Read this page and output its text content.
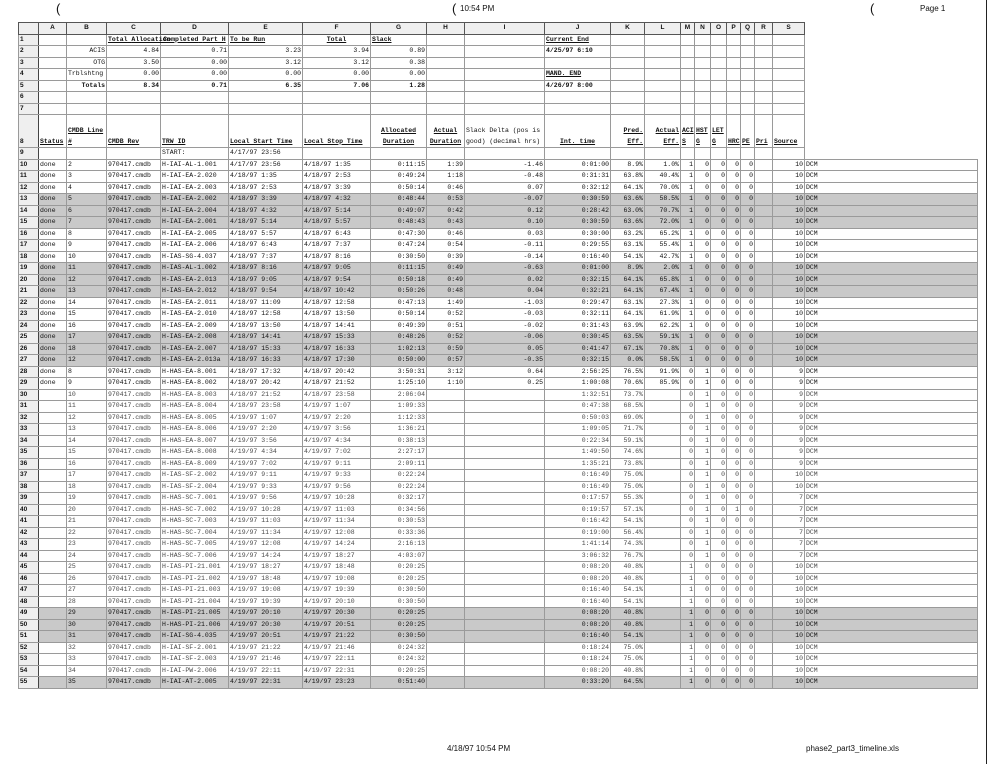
(	( 10:54 PM	(	Page 1
	A	B	C	D	E	F	G	H	I	J	K	L	M	N	O	P	Q	R	S	
1			Total Allocation	Completed Part H	To be Run	Total	Slack			Current End										
2		ACIS	4.84	0.71	3.23	3.94	0.89			4/25/97 6:10										
3		OTG	3.50	0.00	3.12	3.12	0.38													
4		Trblshtng	0.00	0.00	0.00	0.00	0.00			MAND. END										
5		Totals	8.34	0.71	6.35	7.06	1.28			4/26/97 8:00										
6																				
7																				
8	Status	CMDB Line #	CMDB Rev	TRW ID	Local Start Time	Local Stop Time	Allocated Duration	Actual Duration	Slack Delta (pos is good) (decimal hrs)	Int. time	Pred. Eff.	Actual Eff.	ACI S	HST G	LET G	HRC	PE	Pri	Source	
9				START:	4/17/97 23:56															
10	done	2	970417.cmdb	H-IAI-AL-1.001	4/17/97 23:56	4/18/97 1:35	0:11:15	1:39	-1.46	0:01:00	8.9%	1.0%	1	0	0	0	0		10	DCM
11	done	3	970417.cmdb	H-IAI-EA-2.020	4/18/97 1:35	4/18/97 2:53	0:49:24	1:18	-0.48	0:31:31	63.8%	40.4%	1	0	0	0	0		10	DCM
12	done	4	970417.cmdb	H-IAI-EA-2.003	4/18/97 2:53	4/18/97 3:39	0:50:14	0:46	0.07	0:32:12	64.1%	70.0%	1	0	0	0	0		10	DCM
13	done	5	970417.cmdb	H-IAI-EA-2.002	4/18/97 3:39	4/18/97 4:32	0:48:44	0:53	-0.07	0:30:59	63.6%	58.5%	1	0	0	0	0		10	DCM
14	done	6	970417.cmdb	H-IAI-EA-2.004	4/18/97 4:32	4/18/97 5:14	0:49:07	0:42	0.12	0:28:42	63.0%	70.7%	1	0	0	0	0		10	DCM
15	done	7	970417.cmdb	H-IAI-EA-2.001	4/18/97 5:14	4/18/97 5:57	0:48:43	0:43	0.10	0:30:59	63.6%	72.0%	1	0	0	0	0		10	DCM
16	done	8	970417.cmdb	H-IAI-EA-2.005	4/18/97 5:57	4/18/97 6:43	0:47:30	0:46	0.03	0:30:00	63.2%	65.2%	1	0	0	0	0		10	DCM
17	done	9	970417.cmdb	H-IAI-EA-2.006	4/18/97 6:43	4/18/97 7:37	0:47:24	0:54	-0.11	0:29:55	63.1%	55.4%	1	0	0	0	0		10	DCM
18	done	10	970417.cmdb	H-IAS-SG-4.037	4/18/97 7:37	4/18/97 8:16	0:30:50	0:39	-0.14	0:16:40	54.1%	42.7%	1	0	0	0	0		10	DCM
19	done	11	970417.cmdb	H-IAS-AL-1.002	4/18/97 8:16	4/18/97 9:05	0:11:15	0:49	-0.63	0:01:00	8.9%	2.0%	1	0	0	0	0		10	DCM
20	done	12	970417.cmdb	H-IAS-EA-2.013	4/18/97 9:05	4/18/97 9:54	0:50:18	0:49	0.02	0:32:15	64.1%	65.8%	1	0	0	0	0		10	DCM
21	done	13	970417.cmdb	H-IAS-EA-2.012	4/18/97 9:54	4/18/97 10:42	0:50:26	0:48	0.04	0:32:21	64.1%	67.4%	1	0	0	0	0		10	DCM
22	done	14	970417.cmdb	H-IAS-EA-2.011	4/18/97 11:09	4/18/97 12:58	0:47:13	1:49	-1.03	0:29:47	63.1%	27.3%	1	0	0	0	0		10	DCM
23	done	15	970417.cmdb	H-IAS-EA-2.010	4/18/97 12:58	4/18/97 13:50	0:50:14	0:52	-0.03	0:32:11	64.1%	61.9%	1	0	0	0	0		10	DCM
24	done	16	970417.cmdb	H-IAS-EA-2.009	4/18/97 13:50	4/18/97 14:41	0:49:39	0:51	-0.02	0:31:43	63.9%	62.2%	1	0	0	0	0		10	DCM
25	done	17	970417.cmdb	H-IAS-EA-2.008	4/18/97 14:41	4/18/97 15:33	0:48:26	0:52	-0.06	0:30:45	63.5%	59.1%	1	0	0	0	0		10	DCM
26	done	18	970417.cmdb	H-IAS-EA-2.007	4/18/97 15:33	4/18/97 16:33	1:02:13	0:59	0.05	0:41:47	67.1%	70.8%	1	0	0	0	0		10	DCM
27	done	12	970417.cmdb	H-IAS-EA-2.013a	4/18/97 16:33	4/18/97 17:30	0:50:00	0:57	-0.35	0:32:15	0.0%	58.5%	1	0	0	0	0		10	DCM
28	done	8	970417.cmdb	H-HAS-EA-8.001	4/18/97 17:32	4/18/97 20:42	3:50:31	3:12	0.64	2:56:25	76.5%	91.9%	0	1	0	0	0		9	DCM
29	done	9	970417.cmdb	H-HAS-EA-8.002	4/18/97 20:42	4/18/97 21:52	1:25:10	1:10	0.25	1:00:08	70.6%	85.9%	0	1	0	0	0		9	DCM
30		10	970417.cmdb	H-HAS-EA-8.003	4/18/97 21:52	4/18/97 23:58	2:06:04			1:32:51	73.7%		0	1	0	0	0		9	DCM
31		11	970417.cmdb	H-HAS-EA-8.004	4/18/97 23:58	4/19/97 1:07	1:09:33			0:47:38	68.5%		0	1	0	0	0		9	DCM
32		12	970417.cmdb	H-HAS-EA-8.005	4/19/97 1:07	4/19/97 2:20	1:12:33			0:50:03	69.0%		0	1	0	0	0		9	DCM
33		13	970417.cmdb	H-HAS-EA-8.006	4/19/97 2:20	4/19/97 3:56	1:36:21			1:09:05	71.7%		0	1	0	0	0		9	DCM
34		14	970417.cmdb	H-HAS-EA-8.007	4/19/97 3:56	4/19/97 4:34	0:38:13			0:22:34	59.1%		0	1	0	0	0		9	DCM
35		15	970417.cmdb	H-HAS-EA-8.008	4/19/97 4:34	4/19/97 7:02	2:27:17			1:49:50	74.6%		0	1	0	0	0		9	DCM
36		16	970417.cmdb	H-HAS-EA-8.009	4/19/97 7:02	4/19/97 9:11	2:09:11			1:35:21	73.8%		0	1	0	0	0		9	DCM
37		17	970417.cmdb	H-IAS-SF-2.002	4/19/97 9:11	4/19/97 9:33	0:22:24			0:16:49	75.0%		0	1	0	0	0		10	DCM
38		18	970417.cmdb	H-IAS-SF-2.004	4/19/97 9:33	4/19/97 9:56	0:22:24			0:16:49	75.0%		0	1	0	0	0		10	DCM
39		19	970417.cmdb	H-HAS-SC-7.001	4/19/97 9:56	4/19/97 10:28	0:32:17			0:17:57	55.3%		0	1	0	0	0		7	DCM
40		20	970417.cmdb	H-HAS-SC-7.002	4/19/97 10:28	4/19/97 11:03	0:34:56			0:19:57	57.1%		0	1	0	1	0		7	DCM
41		21	970417.cmdb	H-HAS-SC-7.003	4/19/97 11:03	4/19/97 11:34	0:30:53			0:16:42	54.1%		0	1	0	0	0		7	DCM
42		22	970417.cmdb	H-HAS-SC-7.004	4/19/97 11:34	4/19/97 12:08	0:33:36			0:19:00	56.4%		0	1	0	0	0		7	DCM
43		23	970417.cmdb	H-HAS-SC-7.005	4/19/97 12:08	4/19/97 14:24	2:16:13			1:41:14	74.3%		0	1	0	0	0		7	DCM
44		24	970417.cmdb	H-HAS-SC-7.006	4/19/97 14:24	4/19/97 18:27	4:03:07			3:06:32	76.7%		0	1	0	0	0		7	DCM
45		25	970417.cmdb	H-IAS-PI-21.001	4/19/97 18:27	4/19/97 18:48	0:20:25			0:08:20	40.8%		1	0	0	0	0		10	DCM
46		26	970417.cmdb	H-IAS-PI-21.002	4/19/97 18:48	4/19/97 19:08	0:20:25			0:08:20	40.8%		1	0	0	0	0		10	DCM
47		27	970417.cmdb	H-IAS-PI-21.003	4/19/97 19:08	4/19/97 19:39	0:30:50			0:16:40	54.1%		1	0	0	0	0		10	DCM
48		28	970417.cmdb	H-IAS-PI-21.004	4/19/97 19:39	4/19/97 20:10	0:30:50			0:16:40	54.1%		1	0	0	0	0		10	DCM
49		29	970417.cmdb	H-IAS-PI-21.005	4/19/97 20:10	4/19/97 20:30	0:20:25			0:08:20	40.8%		1	0	0	0	0		10	DCM
50		30	970417.cmdb	H-HAS-PI-21.006	4/19/97 20:30	4/19/97 20:51	0:20:25			0:08:20	40.8%		1	0	0	0	0		10	DCM
51		31	970417.cmdb	H-IAI-SG-4.035	4/19/97 20:51	4/19/97 21:22	0:30:50			0:16:40	54.1%		1	0	0	0	0		10	DCM
52		32	970417.cmdb	H-IAI-SF-2.001	4/19/97 21:22	4/19/97 21:46	0:24:32			0:18:24	75.0%		1	0	0	0	0		10	DCM
53		33	970417.cmdb	H-IAI-SF-2.003	4/19/97 21:46	4/19/97 22:11	0:24:32			0:18:24	75.0%		1	0	0	0	0		10	DCM
54		34	970417.cmdb	H-IAI-PW-2.006	4/19/97 22:11	4/19/97 22:31	0:20:25			0:08:20	40.8%		1	0	0	0	0		10	DCM
55		35	970417.cmdb	H-IAI-AT-2.005	4/19/97 22:31	4/19/97 23:23	0:51:40			0:33:20	64.5%		1	0	0	0	0		10	DCM
4/18/97 10:54 PM	phase2_part3_timeline.xls
